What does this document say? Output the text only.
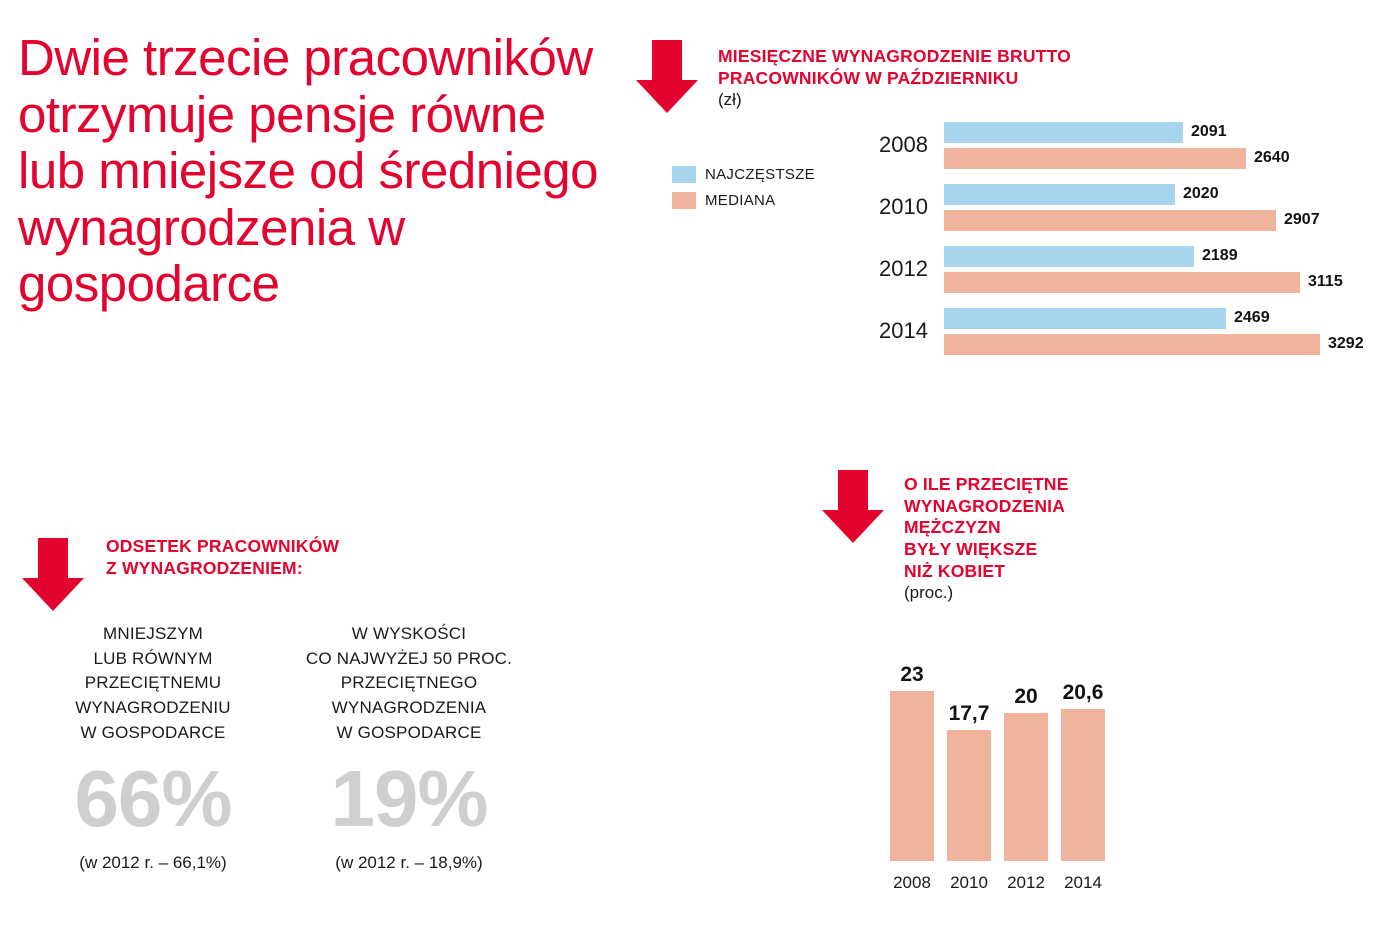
Dwie trzecie pracowników otrzymuje pensje równe lub mniejsze od średniego wynagrodzenia w gospodarce
MIESIĘCZNE WYNAGRODZENIE BRUTTO
PRACOWNIKÓW W PAŹDZIERNIKU
(zł)
NAJCZĘSTSZE
MEDIANA
2008
2091
2640
2010
2020
2907
2012
2189
3115
2014
2469
3292
ODSETEK PRACOWNIKÓW
Z WYNAGRODZENIEM:
MNIEJSZYM
LUB RÓWNYM
PRZECIĘTNEMU
WYNAGRODZENIU
W GOSPODARCE
66%
(w 2012 r. – 66,1%)
W WYSKOŚCI
CO NAJWYŻEJ 50 PROC.
PRZECIĘTNEGO
WYNAGRODZENIA
W GOSPODARCE
19%
(w 2012 r. – 18,9%)
O ILE PRZECIĘTNE
WYNAGRODZENIA
MĘŻCZYZN
BYŁY WIĘKSZE
NIŻ KOBIET
(proc.)
23
2008
17,7
2010
20
2012
20,6
2014
